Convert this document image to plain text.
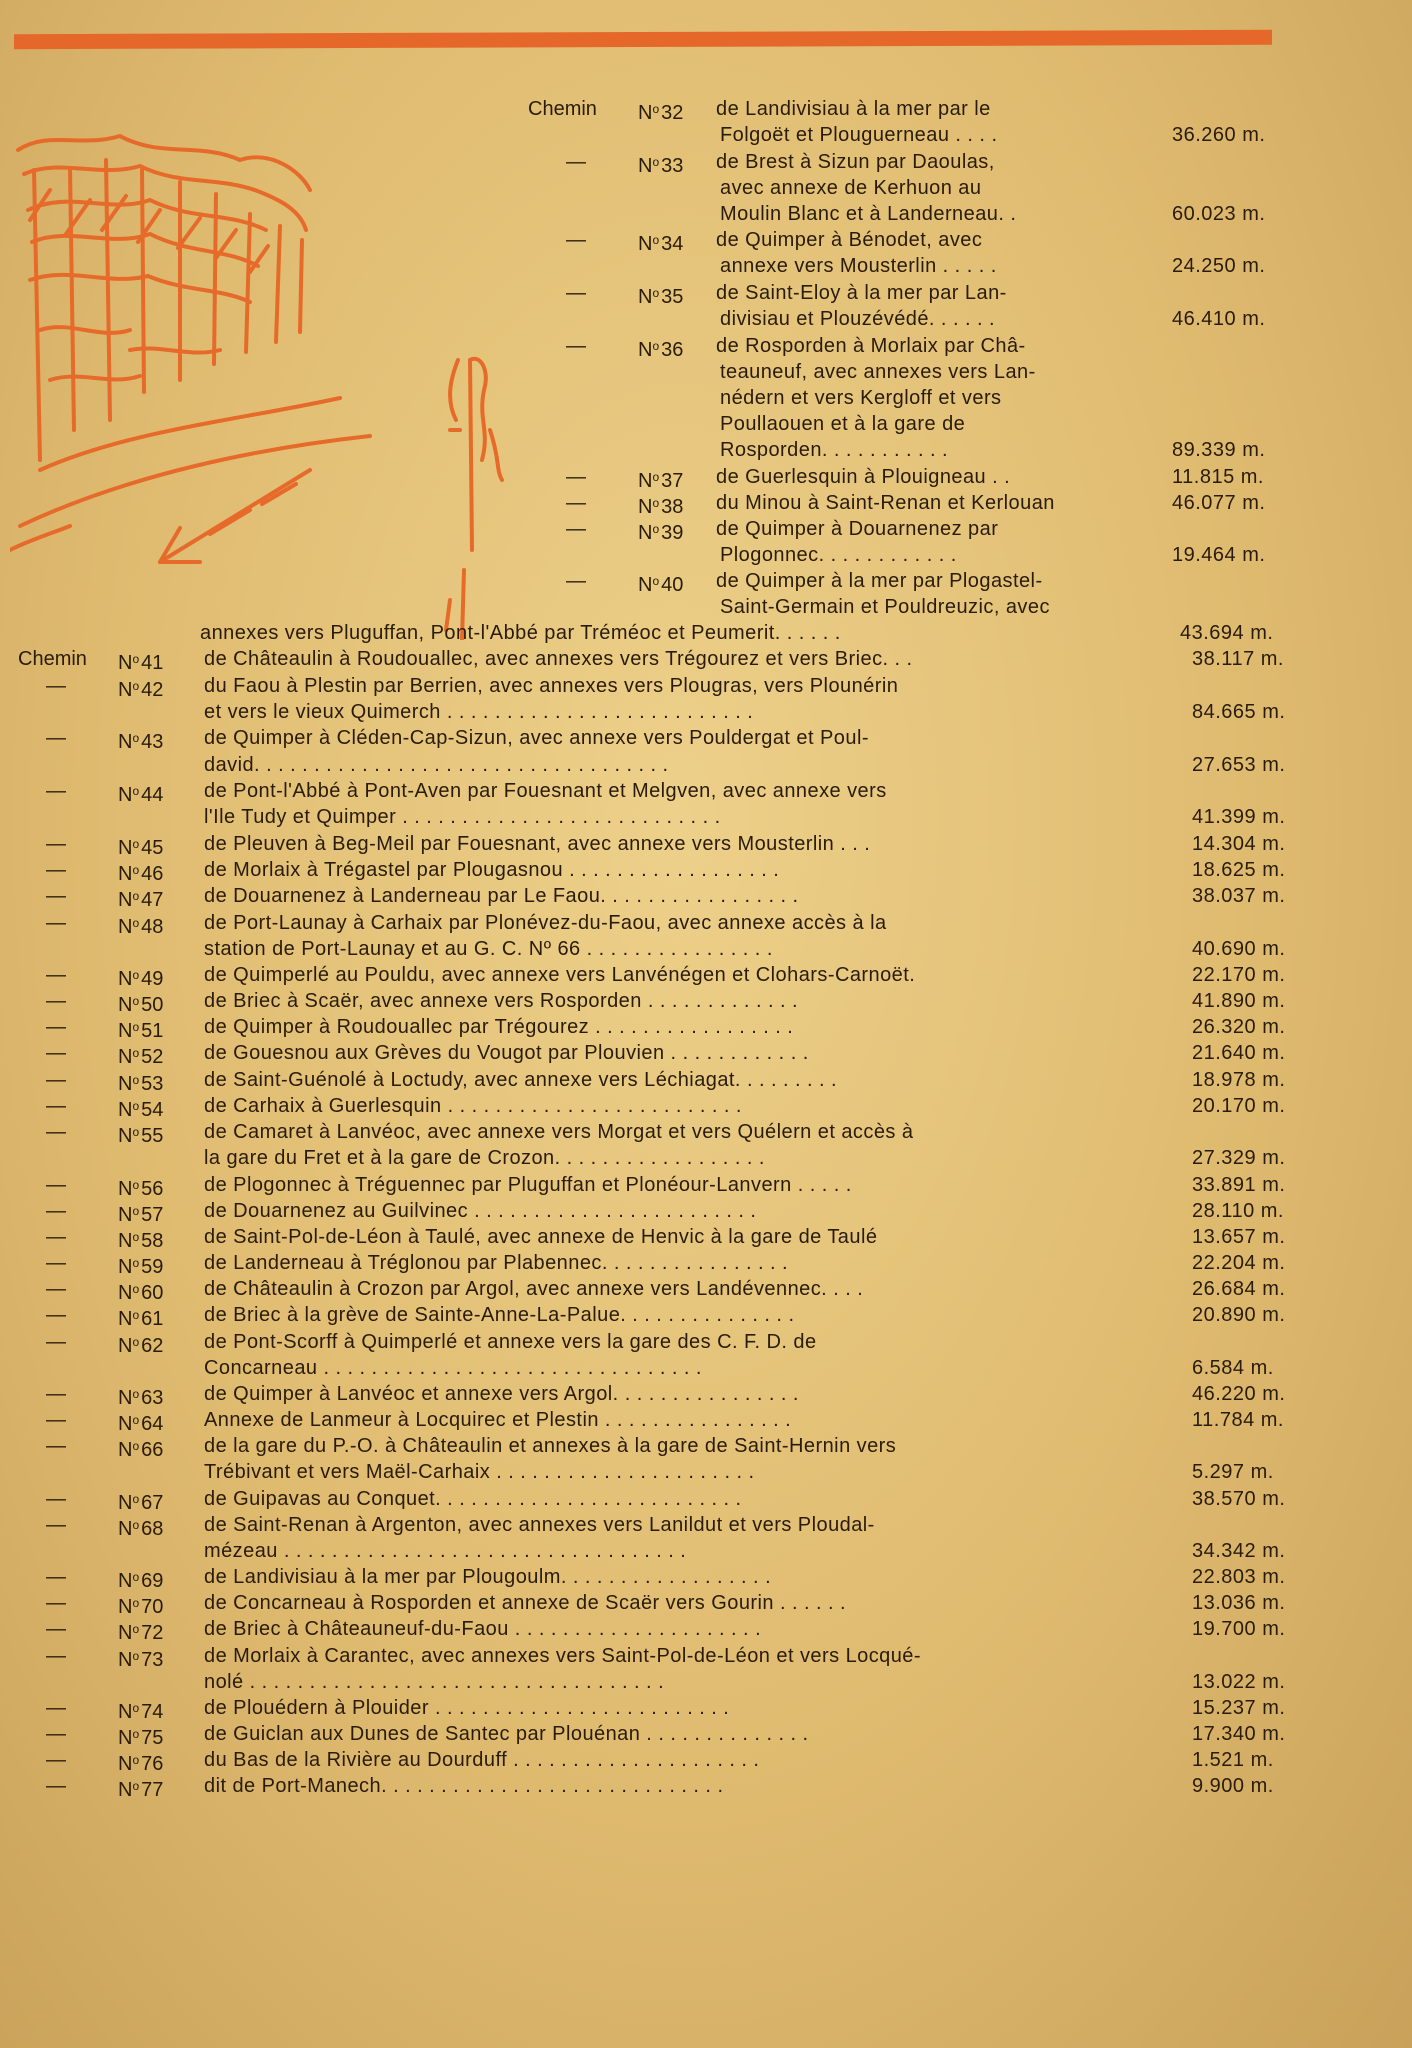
Chemin $N^o$ 32 de Landivisiau à la mer par le
Folgoët et Plouguerneau . . . .	36.260 m.
—	$N^o$ 33 de Brest à Sizun par Daoulas,
avec annexe de Kerhuon au
Moulin Blanc et à Landerneau. .	60.023 m.
—	$N^o$ 34 de Quimper à Bénodet, avec
annexe vers Mousterlin . . . . .	24.250 m.
—	$N^o$ 35 de Saint-Eloy à la mer par Lan-
divisiau et Plouzévédé. . . . . .	46.410 m.
—	$N^o$ 36 de Rosporden à Morlaix par Châ-
teauneuf, avec annexes vers Lan-
nédern et vers Kergloff et vers
Poullaouen et à la gare de
Rosporden. . . . . . . . . . .	89.339 m.
—	$N^o$ 37 de Guerlesquin à Plouigneau . .	11.815 m.
—	$N^o$ 38 du Minou à Saint-Renan et Kerlouan	46.077 m.
—	$N^o$ 39 de Quimper à Douarnenez par
Plogonnec. . . . . . . . . . . .	19.464 m.
—	$N^o$ 40 de Quimper à la mer par Plogastel-
Saint-Germain et Pouldreuzic, avec
annexes vers Pluguffan, Pont-l'Abbé par Tréméoc et Peumerit. . . . . .	43.694 m.
Chemin $N^o$ 41 de Châteaulin à Roudouallec, avec annexes vers Trégourez et vers Briec. . .	38.117 m.
—	$N^o$ 42 du Faou à Plestin par Berrien, avec annexes vers Plougras, vers Plounérin
et vers le vieux Quimerch . . . . . . . . . . . . . . . . . . . . . . . . . .	84.665 m.
—	$N^o$ 43 de Quimper à Cléden-Cap-Sizun, avec annexe vers Pouldergat et Poul-
david. . . . . . . . . . . . . . . . . . . . . . . . . . . . . . . . . . .	27.653 m.
—	$N^o$ 44 de Pont-l'Abbé à Pont-Aven par Fouesnant et Melgven, avec annexe vers
l'Ile Tudy et Quimper . . . . . . . . . . . . . . . . . . . . . . . . . . .	41.399 m.
—	$N^o$ 45 de Pleuven à Beg-Meil par Fouesnant, avec annexe vers Mousterlin . . .	14.304 m.
—	$N^o$ 46 de Morlaix à Trégastel par Plougasnou . . . . . . . . . . . . . . . . . .	18.625 m.
—	$N^o$ 47 de Douarnenez à Landerneau par Le Faou. . . . . . . . . . . . . . . . .	38.037 m.
—	$N^o$ 48 de Port-Launay à Carhaix par Plonévez-du-Faou, avec annexe accès à la
station de Port-Launay et au G. C. Nº 66 . . . . . . . . . . . . . . . .	40.690 m.
—	$N^o$ 49 de Quimperlé au Pouldu, avec annexe vers Lanvénégen et Clohars-Carnoët.	22.170 m.
—	$N^o$ 50 de Briec à Scaër, avec annexe vers Rosporden . . . . . . . . . . . . .	41.890 m.
—	$N^o$ 51 de Quimper à Roudouallec par Trégourez . . . . . . . . . . . . . . . . .	26.320 m.
—	$N^o$ 52 de Gouesnou aux Grèves du Vougot par Plouvien . . . . . . . . . . . .	21.640 m.
—	$N^o$ 53 de Saint-Guénolé à Loctudy, avec annexe vers Léchiagat. . . . . . . . .	18.978 m.
—	$N^o$ 54 de Carhaix à Guerlesquin . . . . . . . . . . . . . . . . . . . . . . . . .	20.170 m.
—	$N^o$ 55 de Camaret à Lanvéoc, avec annexe vers Morgat et vers Quélern et accès à
la gare du Fret et à la gare de Crozon. . . . . . . . . . . . . . . . . .	27.329 m.
—	$N^o$ 56 de Plogonnec à Tréguennec par Pluguffan et Plonéour-Lanvern . . . . .	33.891 m.
—	$N^o$ 57 de Douarnenez au Guilvinec . . . . . . . . . . . . . . . . . . . . . . . .	28.110 m.
—	$N^o$ 58 de Saint-Pol-de-Léon à Taulé, avec annexe de Henvic à la gare de Taulé	13.657 m.
—	$N^o$ 59 de Landerneau à Tréglonou par Plabennec. . . . . . . . . . . . . . . .	22.204 m.
—	$N^o$ 60 de Châteaulin à Crozon par Argol, avec annexe vers Landévennec. . . .	26.684 m.
—	$N^o$ 61 de Briec à la grève de Sainte-Anne-La-Palue. . . . . . . . . . . . . . .	20.890 m.
—	$N^o$ 62 de Pont-Scorff à Quimperlé et annexe vers la gare des C. F. D. de
Concarneau . . . . . . . . . . . . . . . . . . . . . . . . . . . . . . . .	6.584 m.
—	$N^o$ 63 de Quimper à Lanvéoc et annexe vers Argol. . . . . . . . . . . . . . . .	46.220 m.
—	$N^o$ 64 Annexe de Lanmeur à Locquirec et Plestin . . . . . . . . . . . . . . . .	11.784 m.
—	$N^o$ 66 de la gare du P.-O. à Châteaulin et annexes à la gare de Saint-Hernin vers
Trébivant et vers Maël-Carhaix . . . . . . . . . . . . . . . . . . . . . .	5.297 m.
—	$N^o$ 67 de Guipavas au Conquet. . . . . . . . . . . . . . . . . . . . . . . . . .	38.570 m.
—	$N^o$ 68 de Saint-Renan à Argenton, avec annexes vers Lanildut et vers Ploudal-
mézeau . . . . . . . . . . . . . . . . . . . . . . . . . . . . . . . . . .	34.342 m.
—	$N^o$ 69 de Landivisiau à la mer par Plougoulm. . . . . . . . . . . . . . . . . .	22.803 m.
—	$N^o$ 70 de Concarneau à Rosporden et annexe de Scaër vers Gourin . . . . . .	13.036 m.
—	$N^o$ 72 de Briec à Châteauneuf-du-Faou . . . . . . . . . . . . . . . . . . . . .	19.700 m.
—	$N^o$ 73 de Morlaix à Carantec, avec annexes vers Saint-Pol-de-Léon et vers Locqué-
nolé . . . . . . . . . . . . . . . . . . . . . . . . . . . . . . . . . . .	13.022 m.
—	$N^o$ 74 de Plouédern à Plouider . . . . . . . . . . . . . . . . . . . . . . . . .	15.237 m.
—	$N^o$ 75 de Guiclan aux Dunes de Santec par Plouénan . . . . . . . . . . . . . .	17.340 m.
—	$N^o$ 76 du Bas de la Rivière au Dourduff . . . . . . . . . . . . . . . . . . . . .	1.521 m.
—	$N^o$ 77 dit de Port-Manech. . . . . . . . . . . . . . . . . . . . . . . . . . . . .	9.900 m.
